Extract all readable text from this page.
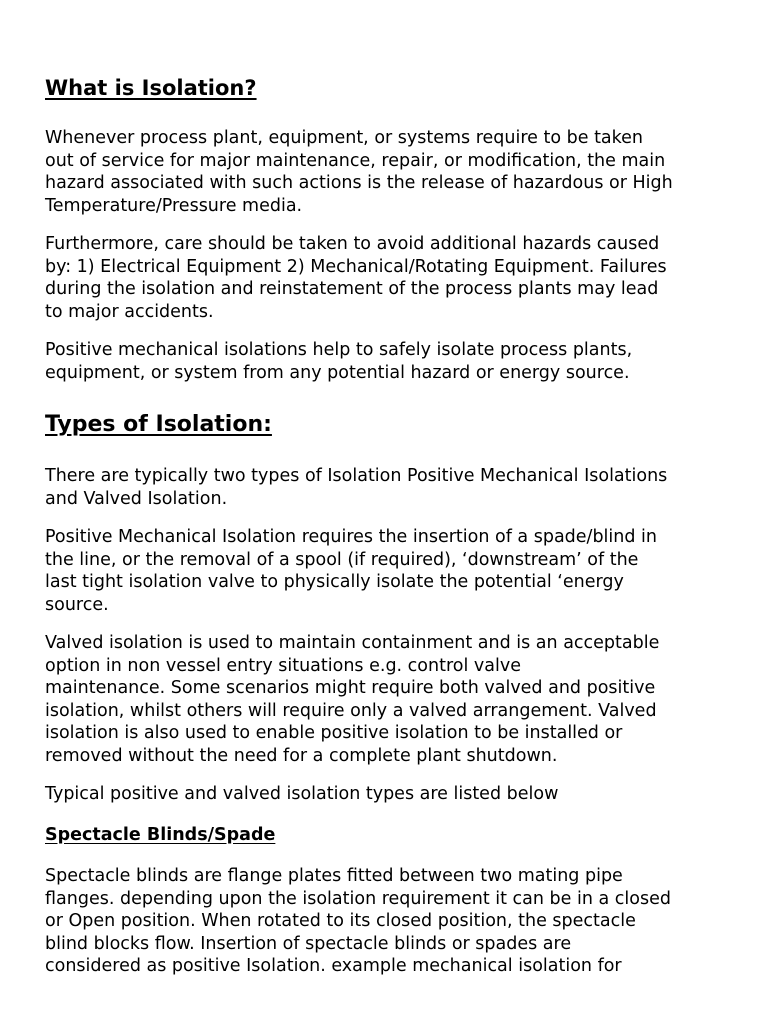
What is Isolation?

Whenever process plant, equipment, or systems require to be taken
out of service for major maintenance, repair, or modification, the main
hazard associated with such actions is the release of hazardous or High
Temperature/Pressure media.

Furthermore, care should be taken to avoid additional hazards caused
by: 1) Electrical Equipment 2) Mechanical/Rotating Equipment. Failures
during the isolation and reinstatement of the process plants may lead
to major accidents.

Positive mechanical isolations help to safely isolate process plants,
equipment, or system from any potential hazard or energy source.

Types of Isolation:

There are typically two types of Isolation Positive Mechanical Isolations
and Valved Isolation.

Positive Mechanical Isolation requires the insertion of a spade/blind in
the line, or the removal of a spool (if required), ‘downstream’ of the
last tight isolation valve to physically isolate the potential ‘energy
source.

Valved isolation is used to maintain containment and is an acceptable
option in non vessel entry situations e.g. control valve
maintenance. Some scenarios might require both valved and positive
isolation, whilst others will require only a valved arrangement. Valved
isolation is also used to enable positive isolation to be installed or
removed without the need for a complete plant shutdown.

Typical positive and valved isolation types are listed below

Spectacle Blinds/Spade

Spectacle blinds are flange plates fitted between two mating pipe
flanges. depending upon the isolation requirement it can be in a closed
or Open position. When rotated to its closed position, the spectacle
blind blocks flow. Insertion of spectacle blinds or spades are
considered as positive Isolation. example mechanical isolation for
